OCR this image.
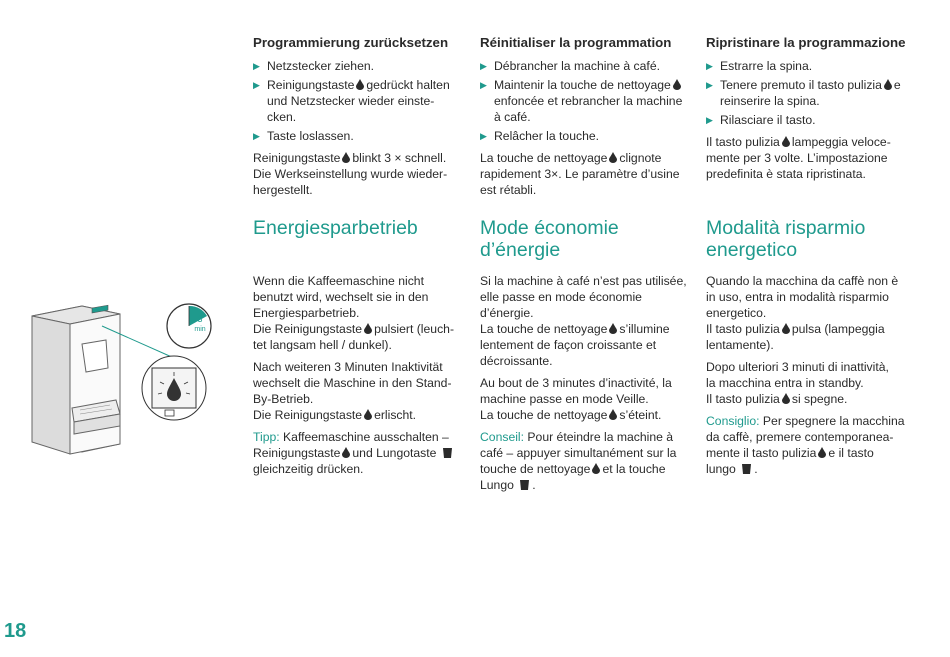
3
min
Programmierung zurücksetzen
▶ Netzstecker ziehen.
▶ Reinigungstaste gedrückt halten
und Netzstecker wieder einste-
cken.
▶ Taste loslassen.

Reinigungstaste blinkt 3 × schnell.
Die Werkseinstellung wurde wieder-
hergestellt.

Energiesparbetrieb

Wenn die Kaffeemaschine nicht
benutzt wird, wechselt sie in den
Energiesparbetrieb.
Die Reinigungstaste pulsiert (leuch-
tet langsam hell / dunkel).

Nach weiteren 3 Minuten Inaktivität
wechselt die Maschine in den Stand-
By-Betrieb.
Die Reinigungstaste erlischt.

Tipp: Kaffeemaschine ausschalten –
Reinigungstaste und Lungotaste
gleichzeitig drücken.

Réinitialiser la programmation
▶ Débrancher la machine à café.
▶ Maintenir la touche de nettoyage
enfoncée et rebrancher la machine
à café.
▶ Relâcher la touche.

La touche de nettoyage clignote
rapidement 3×. Le paramètre d’usine
est rétabli.

Mode économie
d’énergie

Si la machine à café n’est pas utilisée,
elle passe en mode économie
d’énergie.
La touche de nettoyage s’illumine
lentement de façon croissante et
décroissante.

Au bout de 3 minutes d’inactivité, la
machine passe en mode Veille.
La touche de nettoyage s’éteint.

Conseil: Pour éteindre la machine à
café – appuyer simultanément sur la
touche de nettoyage et la touche
Lungo .

Ripristinare la programmazione
▶ Estrarre la spina.
▶ Tenere premuto il tasto pulizia e
reinserire la spina.
▶ Rilasciare il tasto.

Il tasto pulizia lampeggia veloce-
mente per 3 volte. L’impostazione
predefinita è stata ripristinata.

Modalità risparmio
energetico

Quando la macchina da caffè non è
in uso, entra in modalità risparmio
energetico.
Il tasto pulizia pulsa (lampeggia
lentamente).

Dopo ulteriori 3 minuti di inattività,
la macchina entra in standby.
Il tasto pulizia si spegne.

Consiglio: Per spegnere la macchina
da caffè, premere contemporanea-
mente il tasto pulizia e il tasto
lungo .

18
